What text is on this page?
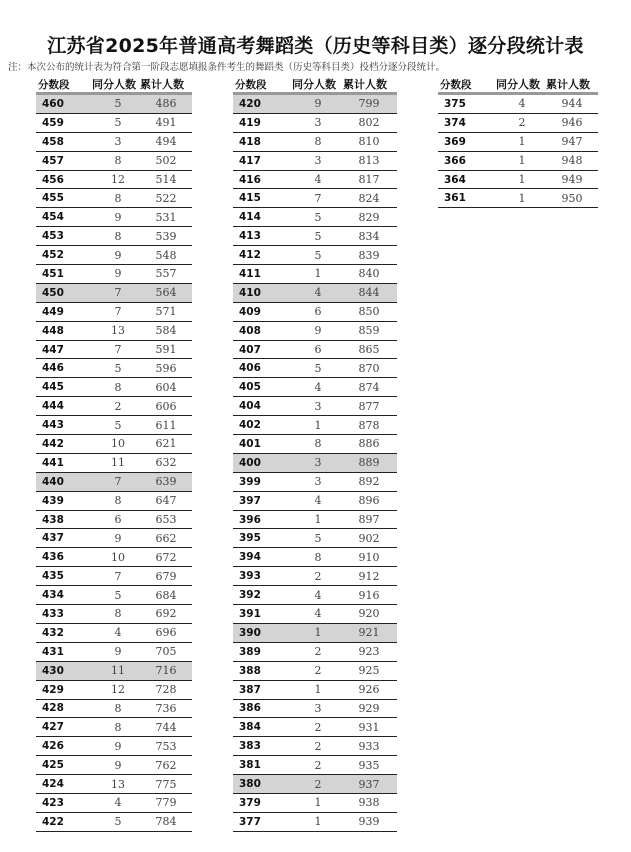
江苏省2025年普通高考舞蹈类（历史等科目类）逐分段统计表
注：本次公布的统计表为符合第一阶段志愿填报条件考生的舞蹈类（历史等科目类）投档分逐分段统计。
分数段	同分人数 累计人数
460	5	486
459	5	491
458	3	494
457	8	502
456	12	514
455	8	522
454	9	531
453	8	539
452	9	548
451	9	557
450	7	564
449	7	571
448	13	584
447	7	591
446	5	596
445	8	604
444	2	606
443	5	611
442	10	621
441	11	632
440	7	639
439	8	647
438	6	653
437	9	662
436	10	672
435	7	679
434	5	684
433	8	692
432	4	696
431	9	705
430	11	716
429	12	728
428	8	736
427	8	744
426	9	753
425	9	762
424	13	775
423	4	779
422	5	784
分数段	同分人数 累计人数
420	9	799
419	3	802
418	8	810
417	3	813
416	4	817
415	7	824
414	5	829
413	5	834
412	5	839
411	1	840
410	4	844
409	6	850
408	9	859
407	6	865
406	5	870
405	4	874
404	3	877
402	1	878
401	8	886
400	3	889
399	3	892
397	4	896
396	1	897
395	5	902
394	8	910
393	2	912
392	4	916
391	4	920
390	1	921
389	2	923
388	2	925
387	1	926
386	3	929
384	2	931
383	2	933
381	2	935
380	2	937
379	1	938
377	1	939
分数段	同分人数 累计人数
375	4	944
374	2	946
369	1	947
366	1	948
364	1	949
361	1	950
